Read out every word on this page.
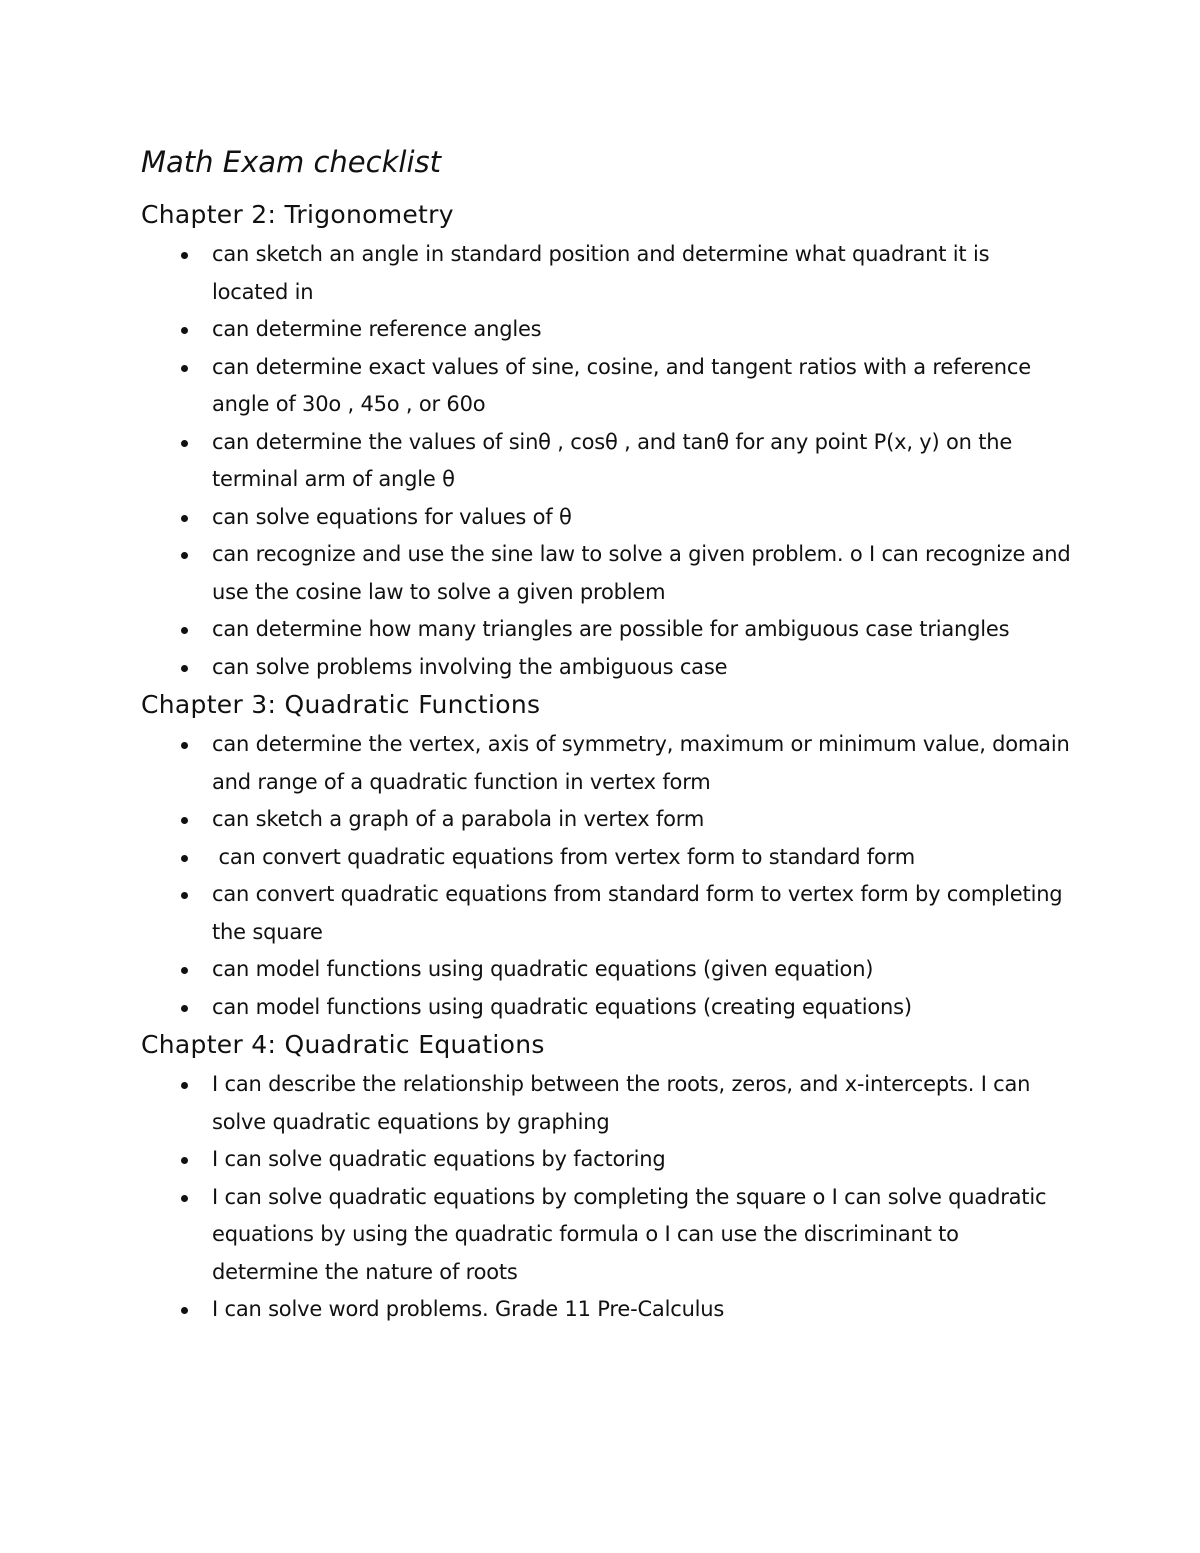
Math Exam checklist
Chapter 2: Trigonometry
can sketch an angle in standard position and determine what quadrant it is located in
can determine reference angles
can determine exact values of sine, cosine, and tangent ratios with a reference angle of 30o , 45o , or 60o
can determine the values of sinθ , cosθ , and tanθ for any point P(x, y) on the terminal arm of angle θ
can solve equations for values of θ
can recognize and use the sine law to solve a given problem. o I can recognize and use the cosine law to solve a given problem
can determine how many triangles are possible for ambiguous case triangles
can solve problems involving the ambiguous case
Chapter 3: Quadratic Functions
can determine the vertex, axis of symmetry, maximum or minimum value, domain and range of a quadratic function in vertex form
can sketch a graph of a parabola in vertex form
can convert quadratic equations from vertex form to standard form
can convert quadratic equations from standard form to vertex form by completing the square
can model functions using quadratic equations (given equation)
can model functions using quadratic equations (creating equations)
Chapter 4: Quadratic Equations
I can describe the relationship between the roots, zeros, and x-intercepts. I can solve quadratic equations by graphing
I can solve quadratic equations by factoring
I can solve quadratic equations by completing the square o I can solve quadratic equations by using the quadratic formula o I can use the discriminant to determine the nature of roots
I can solve word problems. Grade 11 Pre-Calculus
